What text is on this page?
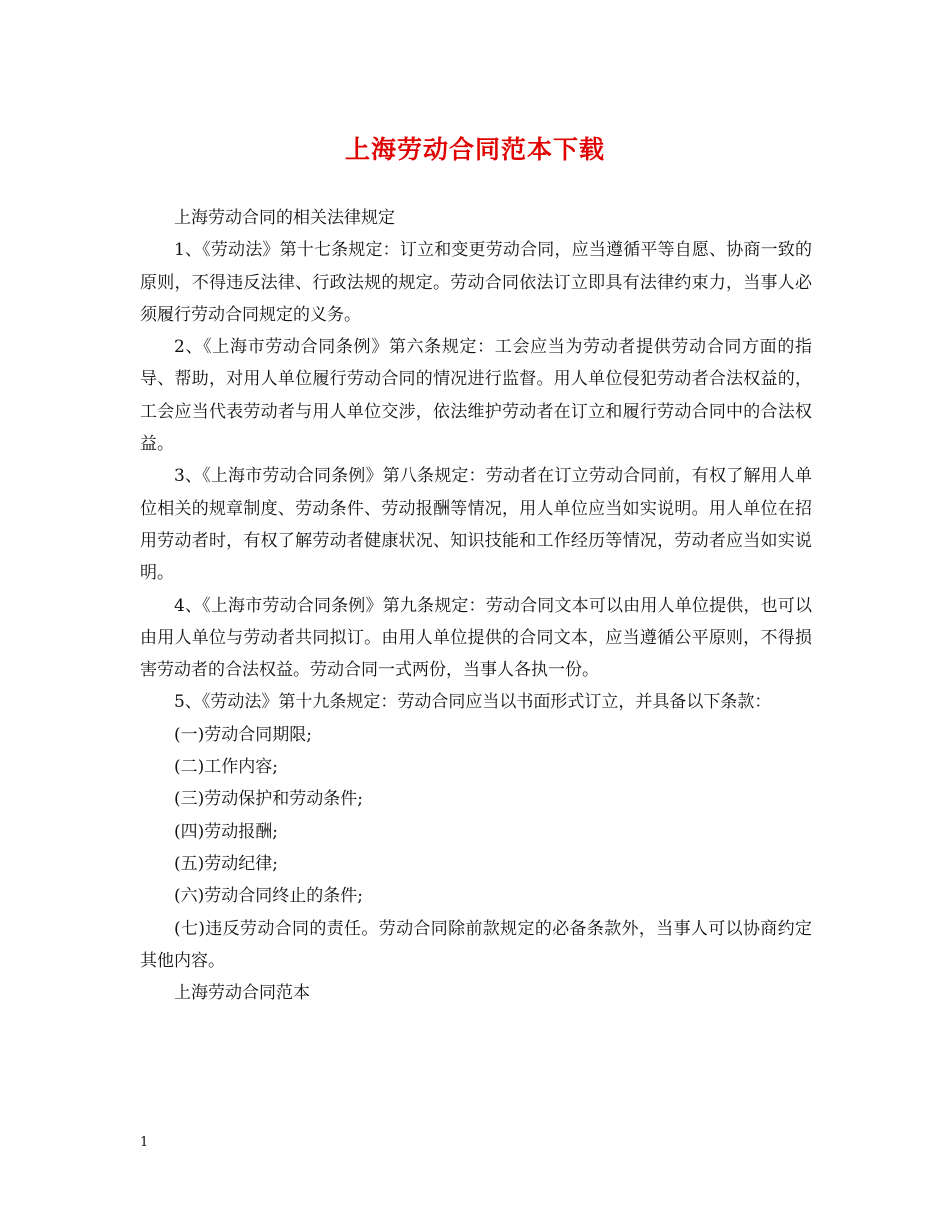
上海劳动合同范本下载

上海劳动合同的相关法律规定

1、《劳动法》第十七条规定：订立和变更劳动合同，应当遵循平等自愿、协商一致的原则，不得违反法律、行政法规的规定。劳动合同依法订立即具有法律约束力，当事人必须履行劳动合同规定的义务。

2、《上海市劳动合同条例》第六条规定：工会应当为劳动者提供劳动合同方面的指导、帮助，对用人单位履行劳动合同的情况进行监督。用人单位侵犯劳动者合法权益的，工会应当代表劳动者与用人单位交涉，依法维护劳动者在订立和履行劳动合同中的合法权益。

3、《上海市劳动合同条例》第八条规定：劳动者在订立劳动合同前，有权了解用人单位相关的规章制度、劳动条件、劳动报酬等情况，用人单位应当如实说明。用人单位在招用劳动者时，有权了解劳动者健康状况、知识技能和工作经历等情况，劳动者应当如实说明。

4、《上海市劳动合同条例》第九条规定：劳动合同文本可以由用人单位提供，也可以由用人单位与劳动者共同拟订。由用人单位提供的合同文本，应当遵循公平原则，不得损害劳动者的合法权益。劳动合同一式两份，当事人各执一份。

5、《劳动法》第十九条规定：劳动合同应当以书面形式订立，并具备以下条款：

(一)劳动合同期限;

(二)工作内容;

(三)劳动保护和劳动条件;

(四)劳动报酬;

(五)劳动纪律;

(六)劳动合同终止的条件;

(七)违反劳动合同的责任。劳动合同除前款规定的必备条款外，当事人可以协商约定其他内容。

上海劳动合同范本

1
